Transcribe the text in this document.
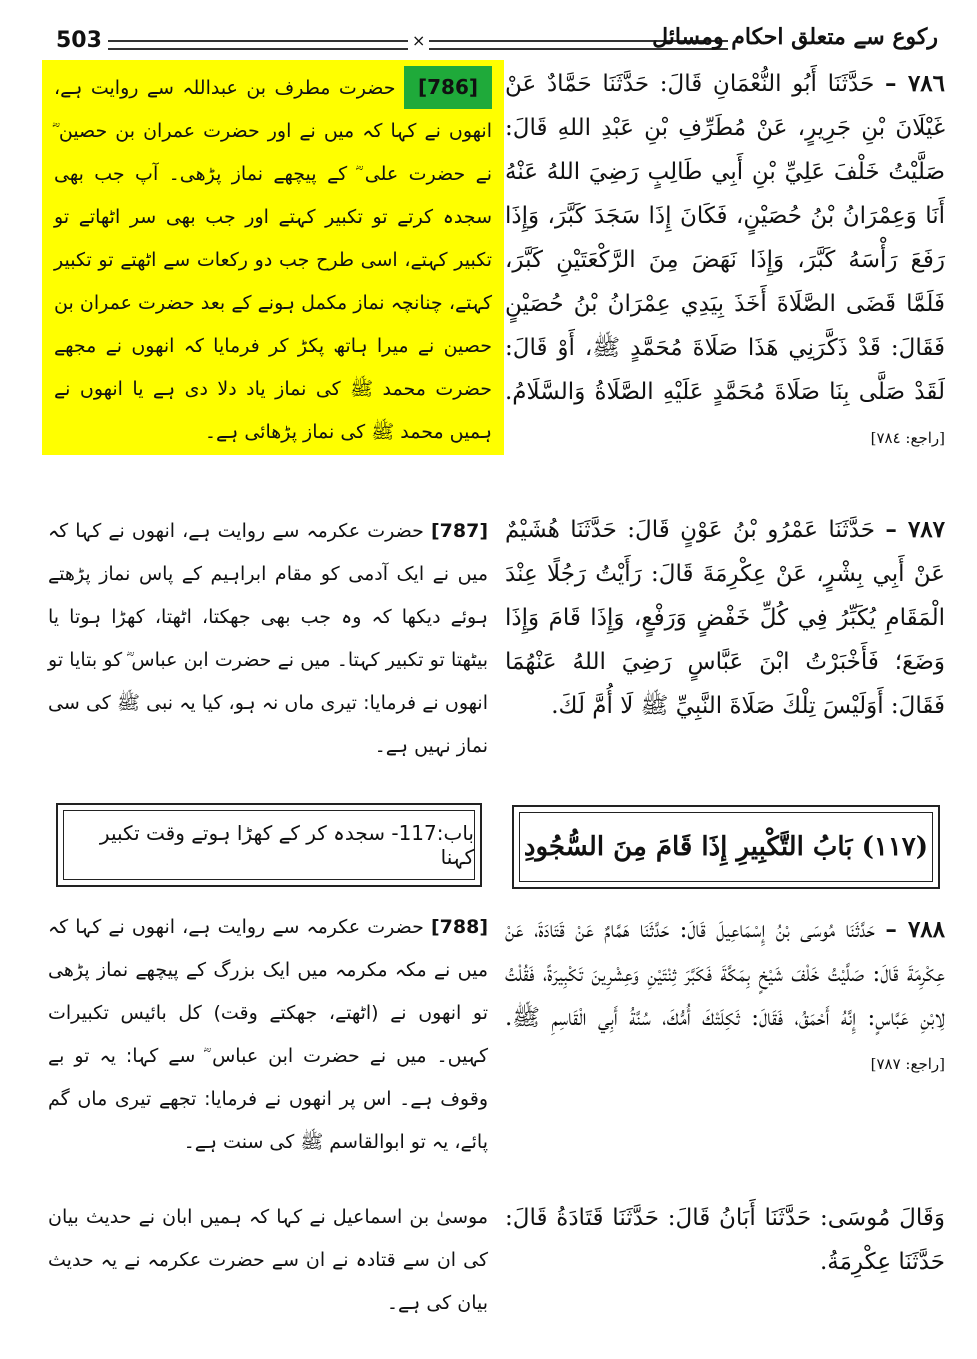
503	×	رکوع سے متعلق احکام ومسائل
٧٨٦ – حَدَّثَنَا أَبُو النُّعْمَانِ قَالَ: حَدَّثَنَا حَمَّادٌ عَنْ غَيْلَانَ بْنِ جَرِيرٍ، عَنْ مُطَرِّفِ بْنِ عَبْدِ اللهِ قَالَ: صَلَّيْتُ خَلْفَ عَلِيِّ بْنِ أَبِي طَالِبٍ رَضِيَ اللهُ عَنْهُ أَنَا وَعِمْرَانُ بْنُ حُصَيْنٍ، فَكَانَ إِذَا سَجَدَ كَبَّرَ، وَإِذَا رَفَعَ رَأْسَهُ كَبَّرَ، وَإِذَا نَهَضَ مِنَ الرَّكْعَتَيْنِ كَبَّرَ، فَلَمَّا قَضَى الصَّلَاةَ أَخَذَ بِيَدِي عِمْرَانُ بْنُ حُصَيْنٍ فَقَالَ: قَدْ ذَكَّرَنِي هَذَا صَلَاةَ مُحَمَّدٍ ﷺ، أَوْ قَالَ: لَقَدْ صَلَّى بِنَا صَلَاةَ مُحَمَّدٍ عَلَيْهِ الصَّلَاةُ وَالسَّلَامُ. [راجع: ٧٨٤]
[786] حضرت مطرف بن عبداللہ سے روایت ہے، انھوں نے کہا کہ میں نے اور حضرت عمران بن حصین ؓ نے حضرت علی ؓ کے پیچھے نماز پڑھی۔ آپ جب بھی سجدہ کرتے تو تکبیر کہتے اور جب بھی سر اٹھاتے تو تکبیر کہتے، اسی طرح جب دو رکعات سے اٹھتے تو تکبیر کہتے، چنانچہ نماز مکمل ہونے کے بعد حضرت عمران بن حصین نے میرا ہاتھ پکڑ کر فرمایا کہ انھوں نے مجھے حضرت محمد ﷺ کی نماز یاد دلا دی ہے یا انھوں نے ہمیں محمد ﷺ کی نماز پڑھائی ہے۔
٧٨٧ – حَدَّثَنَا عَمْرُو بْنُ عَوْنٍ قَالَ: حَدَّثَنَا هُشَيْمٌ عَنْ أَبِي بِشْرٍ، عَنْ عِكْرِمَةَ قَالَ: رَأَيْتُ رَجُلًا عِنْدَ الْمَقَامِ يُكَبِّرُ فِي كُلِّ خَفْضٍ وَرَفْعٍ، وَإِذَا قَامَ وَإِذَا وَضَعَ؛ فَأَخْبَرْتُ ابْنَ عَبَّاسٍ رَضِيَ اللهُ عَنْهُمَا فَقَالَ: أَوَلَيْسَ تِلْكَ صَلَاةَ النَّبِيِّ ﷺ لَا أُمَّ لَكَ.
[787] حضرت عکرمہ سے روایت ہے، انھوں نے کہا کہ میں نے ایک آدمی کو مقام ابراہیم کے پاس نماز پڑھتے ہوئے دیکھا کہ وہ جب بھی جھکتا، اٹھتا، کھڑا ہوتا یا بیٹھتا تو تکبیر کہتا۔ میں نے حضرت ابن عباس ؓ کو بتایا تو انھوں نے فرمایا: تیری ماں نہ ہو، کیا یہ نبی ﷺ کی سی نماز نہیں ہے۔
(١١٧) بَابُ التَّكْبِيرِ إِذَا قَامَ مِنَ السُّجُودِ
باب:117- سجدہ کر کے کھڑا ہوتے وقت تکبیر کہنا
٧٨٨ – حَدَّثَنَا مُوسَى بْنُ إِسْمَاعِيلَ قَالَ: حَدَّثَنَا هَمَّامٌ عَنْ قَتَادَةَ، عَنْ عِكْرِمَةَ قَالَ: صَلَّيْتُ خَلْفَ شَيْخٍ بِمَكَّةَ فَكَبَّرَ ثِنْتَيْنِ وَعِشْرِينَ تَكْبِيرَةً، فَقُلْتُ لِابْنِ عَبَّاسٍ: إِنَّهُ أَحْمَقُ، فَقَالَ: ثَكِلَتْكَ أُمُّكَ، سُنَّةُ أَبِي الْقَاسِمِ ﷺ. [راجع: ٧٨٧]
[788] حضرت عکرمہ سے روایت ہے، انھوں نے کہا کہ میں نے مکہ مکرمہ میں ایک بزرگ کے پیچھے نماز پڑھی تو انھوں نے (اٹھتے، جھکتے وقت) کل بائیس تکبیرات کہیں۔ میں نے حضرت ابن عباس ؓ سے کہا: یہ تو بے وقوف ہے۔ اس پر انھوں نے فرمایا: تجھے تیری ماں گم پائے، یہ تو ابوالقاسم ﷺ کی سنت ہے۔
وَقَالَ مُوسَى: حَدَّثَنَا أَبَانُ قَالَ: حَدَّثَنَا قَتَادَةُ قَالَ: حَدَّثَنَا عِكْرِمَةُ.
موسیٰ بن اسماعیل نے کہا کہ ہمیں ابان نے حدیث بیان کی ان سے قتادہ نے ان سے حضرت عکرمہ نے یہ حدیث بیان کی ہے۔
